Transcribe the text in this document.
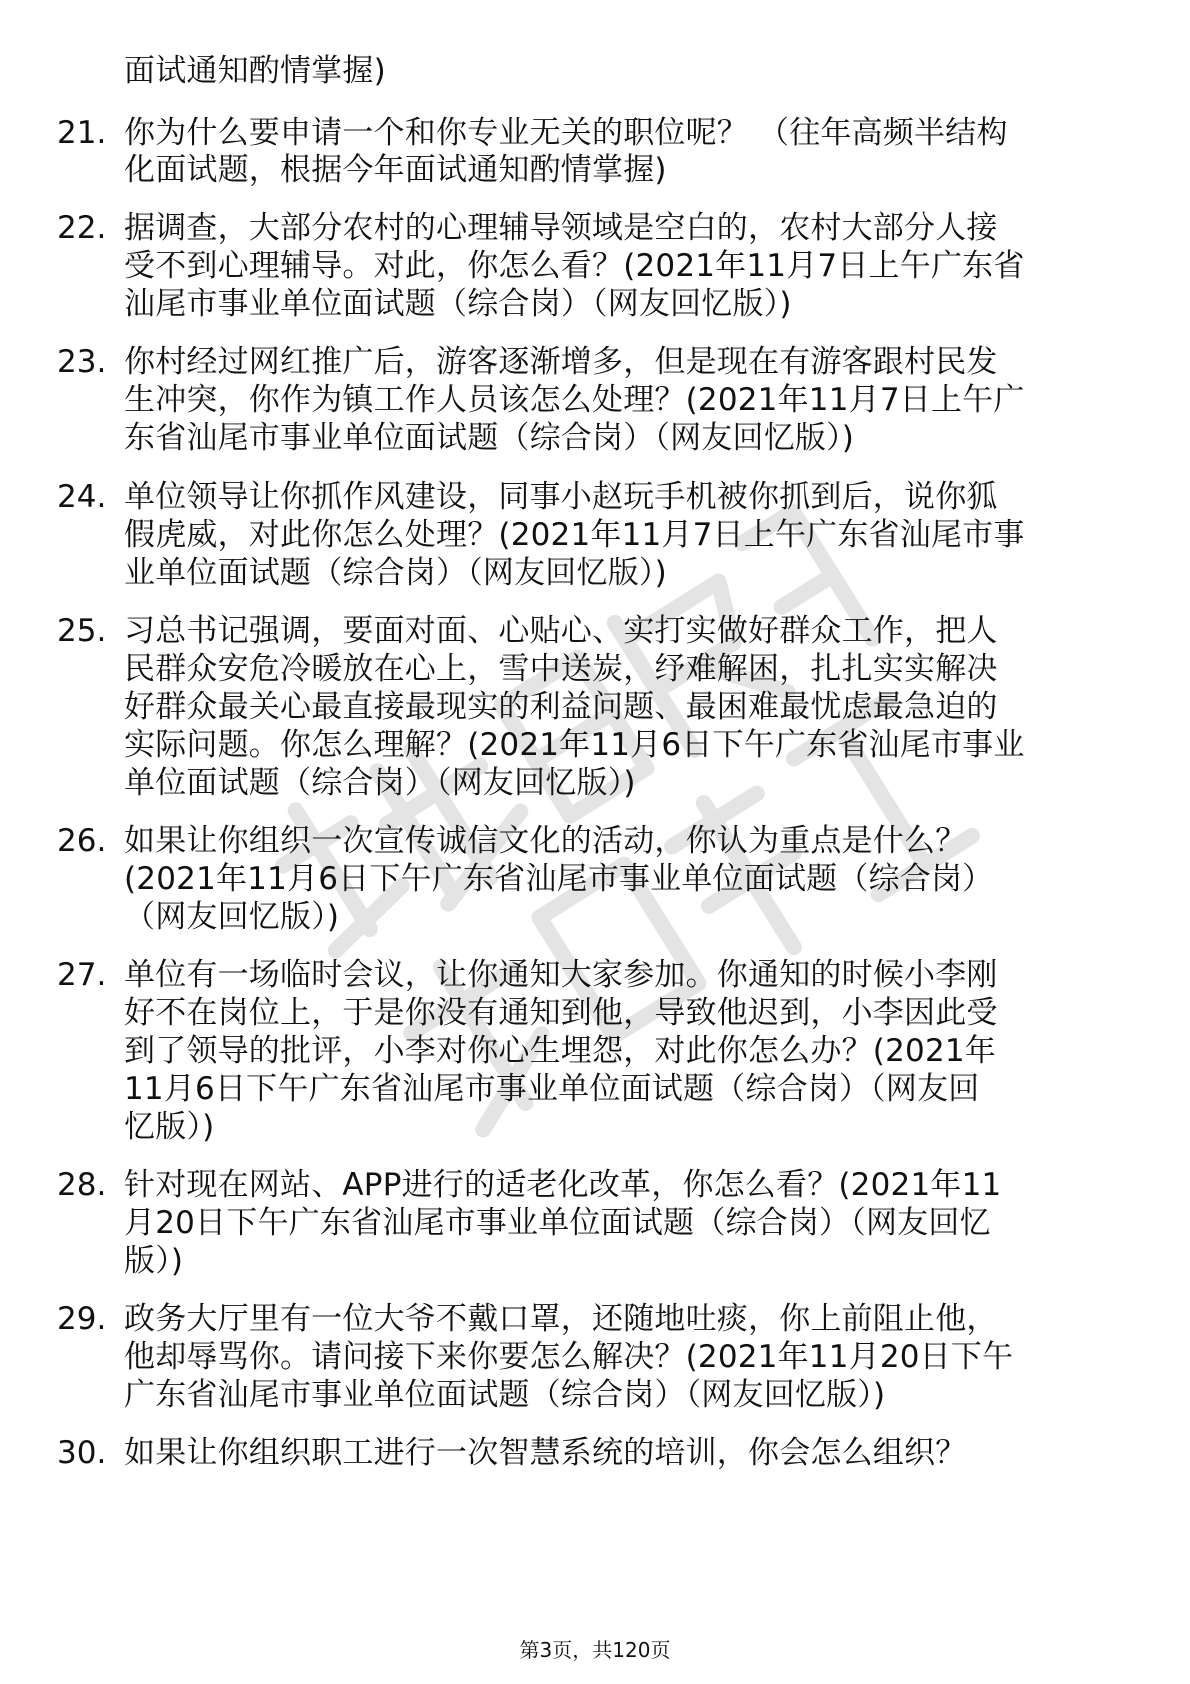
面试通知酌情掌握)
21. 你为什么要申请一个和你专业无关的职位呢？ （往年高频半结构
化面试题，根据今年面试通知酌情掌握)
22. 据调查，大部分农村的心理辅导领域是空白的，农村大部分人接
受不到心理辅导。对此，你怎么看？(2021年11月7日上午广东省
汕尾市事业单位面试题（综合岗）（网友回忆版）)
23. 你村经过网红推广后，游客逐渐增多，但是现在有游客跟村民发
生冲突，你作为镇工作人员该怎么处理？(2021年11月7日上午广
东省汕尾市事业单位面试题（综合岗）（网友回忆版）)
24. 单位领导让你抓作风建设，同事小赵玩手机被你抓到后，说你狐
假虎威，对此你怎么处理？(2021年11月7日上午广东省汕尾市事
业单位面试题（综合岗）（网友回忆版）)
25. 习总书记强调，要面对面、心贴心、实打实做好群众工作，把人
民群众安危冷暖放在心上，雪中送炭，纾难解困，扎扎实实解决
好群众最关心最直接最现实的利益问题、最困难最忧虑最急迫的
实际问题。你怎么理解？(2021年11月6日下午广东省汕尾市事业
单位面试题（综合岗）（网友回忆版）)
26. 如果让你组织一次宣传诚信文化的活动，你认为重点是什么？
(2021年11月6日下午广东省汕尾市事业单位面试题（综合岗）
（网友回忆版）)
27. 单位有一场临时会议，让你通知大家参加。你通知的时候小李刚
好不在岗位上，于是你没有通知到他，导致他迟到，小李因此受
到了领导的批评，小李对你心生埋怨，对此你怎么办？(2021年
11月6日下午广东省汕尾市事业单位面试题（综合岗）（网友回
忆版）)
28. 针对现在网站、APP进行的适老化改革，你怎么看？(2021年11
月20日下午广东省汕尾市事业单位面试题（综合岗）（网友回忆
版）)
29. 政务大厅里有一位大爷不戴口罩，还随地吐痰，你上前阻止他，
他却辱骂你。请问接下来你要怎么解决？(2021年11月20日下午
广东省汕尾市事业单位面试题（综合岗）（网友回忆版）)
30. 如果让你组织职工进行一次智慧系统的培训，你会怎么组织？
第3页，共120页
